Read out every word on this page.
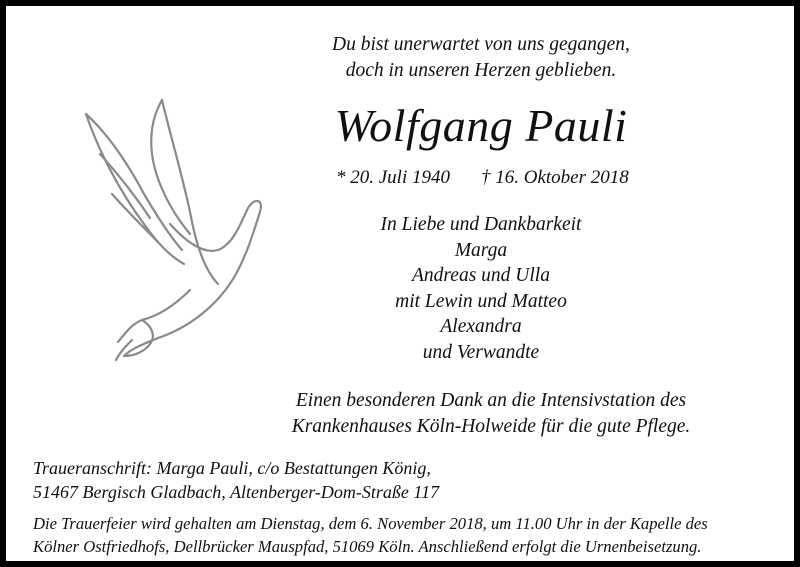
Du bist unerwartet von uns gegangen,
doch in unseren Herzen geblieben.
Wolfgang Pauli
* 20. Juli 1940 † 16. Oktober 2018
In Liebe und Dankbarkeit
Marga
Andreas und Ulla
mit Lewin und Matteo
Alexandra
und Verwandte
Einen besonderen Dank an die Intensivstation des
Krankenhauses Köln-Holweide für die gute Pflege.
Traueranschrift: Marga Pauli, c/o Bestattungen König,
51467 Bergisch Gladbach, Altenberger-Dom-Straße 117
Die Trauerfeier wird gehalten am Dienstag, dem 6. November 2018, um 11.00 Uhr in der Kapelle des
Kölner Ostfriedhofs, Dellbrücker Mauspfad, 51069 Köln. Anschließend erfolgt die Urnenbeisetzung.
